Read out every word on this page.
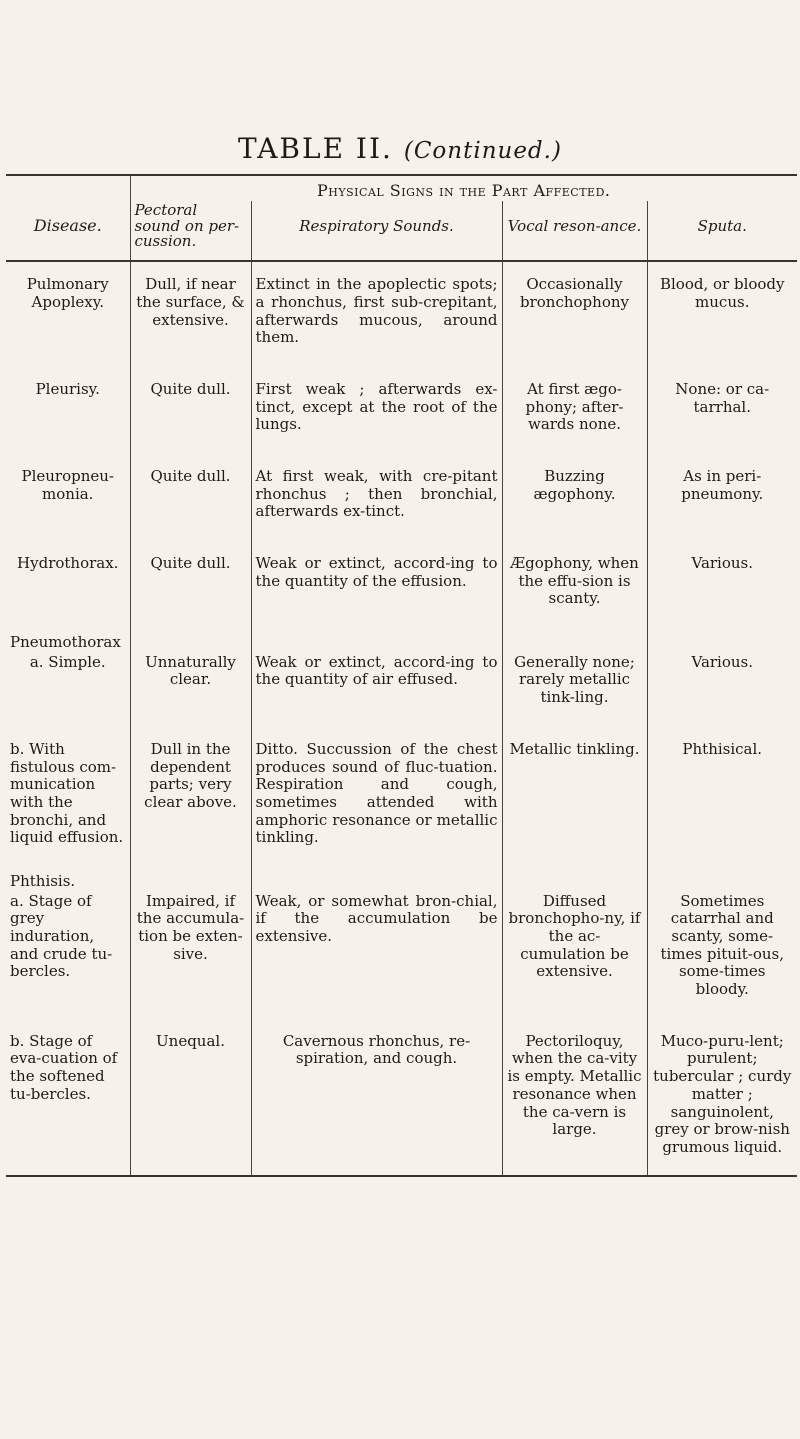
TABLE II. (Continued.)
	Physical Signs in the Part Affected.			
Disease.	Pectoral sound on per-cussion.	Respiratory Sounds.	Vocal reson-ance.	Sputa.
Pulmonary Apoplexy.	Dull, if near the surface, & extensive.	Extinct in the apoplectic spots; a rhonchus, first sub-crepitant, afterwards mucous, around them.	Occasionally bronchophony	Blood, or bloody mucus.
Pleurisy.	Quite dull.	First weak ; afterwards ex-tinct, except at the root of the lungs.	At first ægo-phony; after-wards none.	None: or ca-tarrhal.
Pleuropneu-monia.	Quite dull.	At first weak, with cre-pitant rhonchus ; then bronchial, afterwards ex-tinct.	Buzzing ægophony.	As in peri-pneumony.
Hydrothorax.	Quite dull.	Weak or extinct, accord-ing to the quantity of the effusion.	Ægophony, when the effu-sion is scanty.	Various.
Pneumothorax				
a. Simple.	Unnaturally clear.	Weak or extinct, accord-ing to the quantity of air effused.	Generally none; rarely metallic tink-ling.	Various.
b. With fistulous com-munication with the bronchi, and liquid effusion.	Dull in the dependent parts; very clear above.	Ditto. Succussion of the chest produces sound of fluc-tuation. Respiration and cough, sometimes attended with amphoric resonance or metallic tinkling.	Metallic tinkling.	Phthisical.
Phthisis.				
a. Stage of grey induration, and crude tu-bercles.	Impaired, if the accumula-tion be exten-sive.	Weak, or somewhat bron-chial, if the accumulation be extensive.	Diffused bronchopho-ny, if the ac-cumulation be extensive.	Sometimes catarrhal and scanty, some-times pituit-ous, some-times bloody.
b. Stage of eva-cuation of the softened tu-bercles.	Unequal.	Cavernous rhonchus, re-spiration, and cough.	Pectoriloquy, when the ca-vity is empty. Metallic resonance when the ca-vern is large.	Muco-puru-lent; purulent; tubercular ; curdy matter ; sanguinolent, grey or brow-nish grumous liquid.
